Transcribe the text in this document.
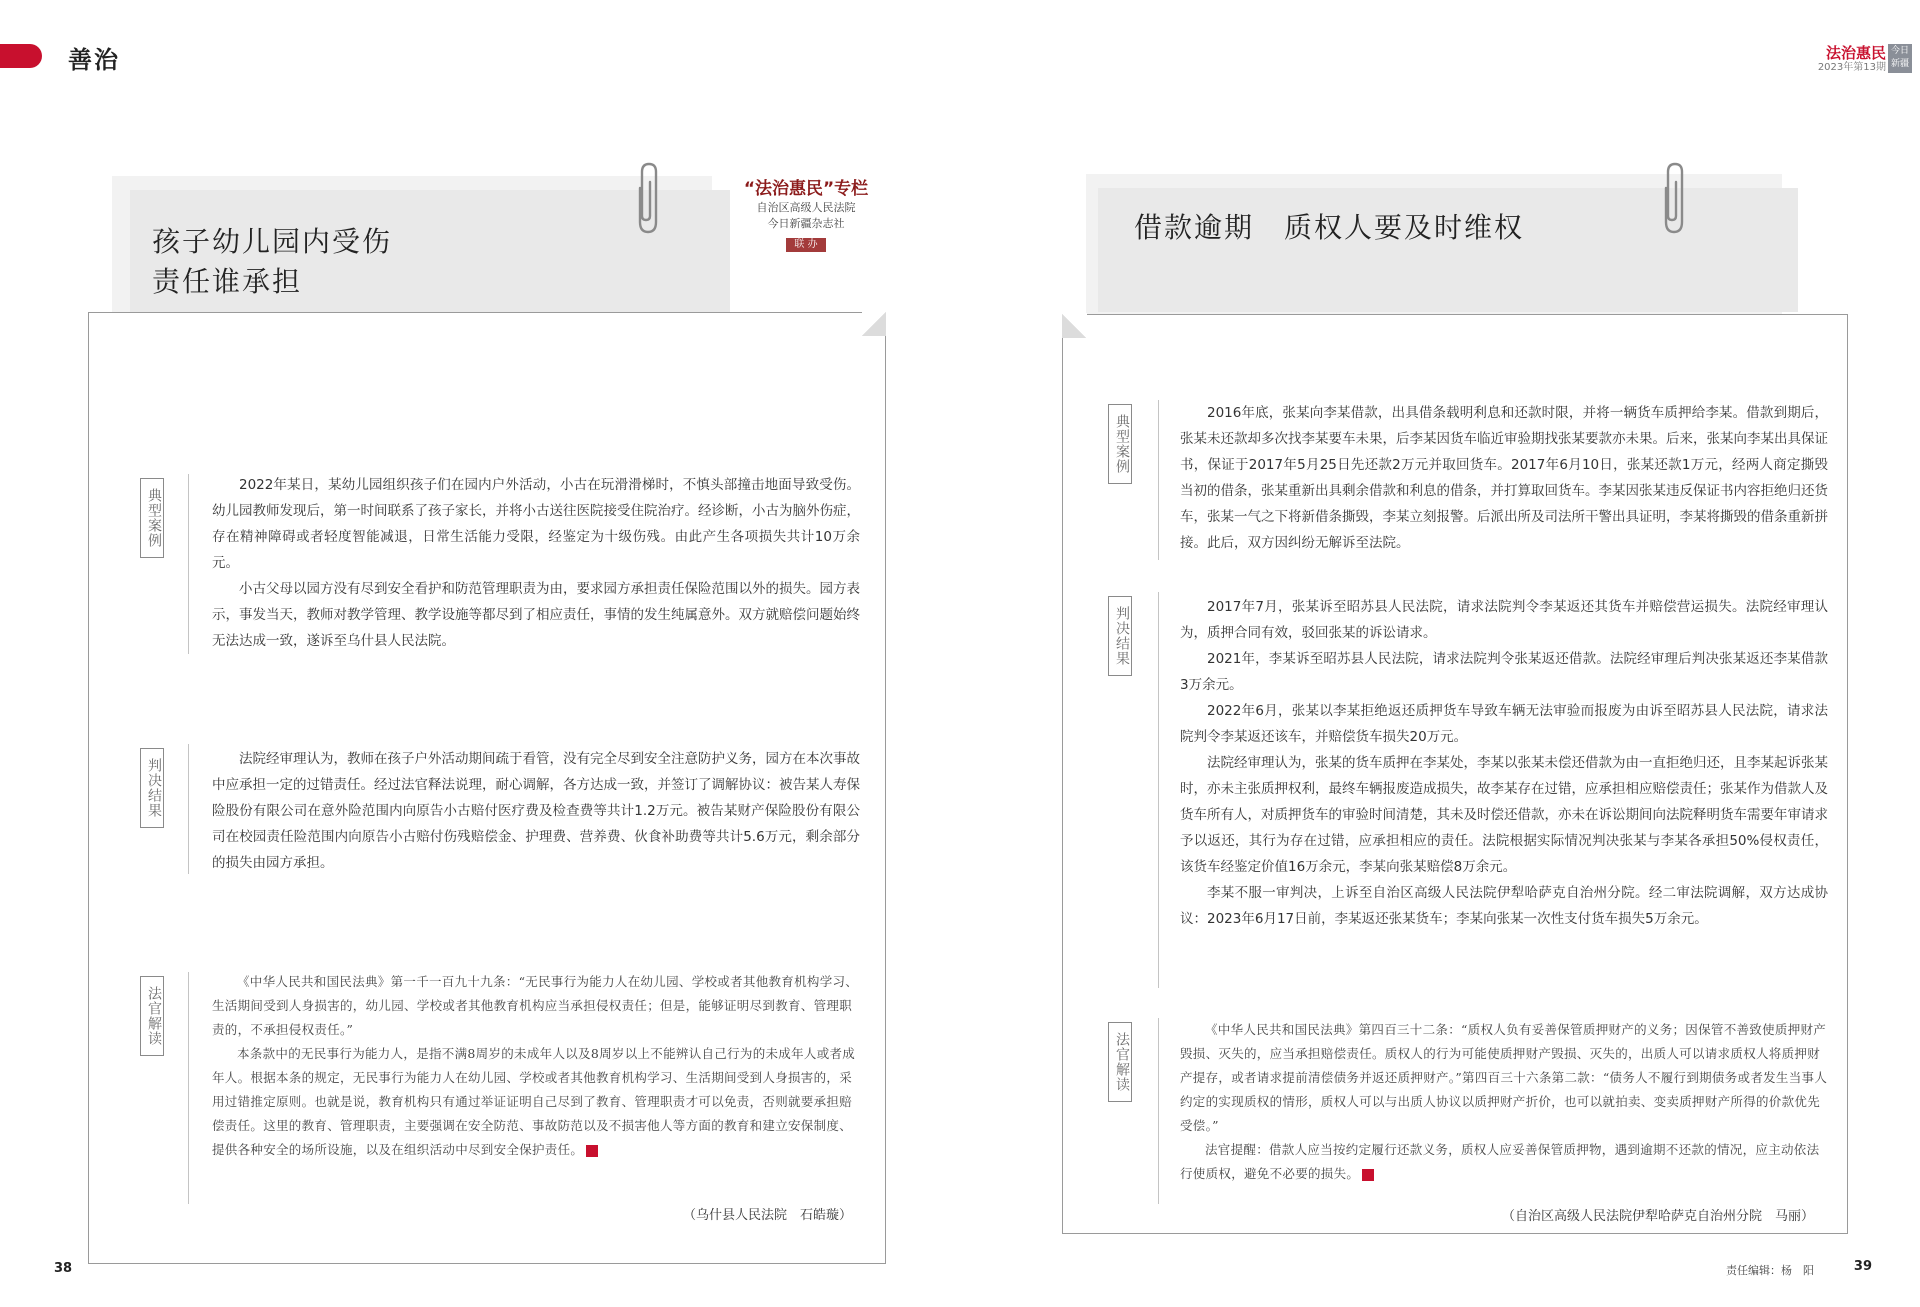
善治	法治惠民
2023年第13期
今日新疆
孩子幼儿园内受伤
责任谁承担
“法治惠民”专栏
自治区高级人民法院
今日新疆杂志社
联 办
典型案例
判决结果
法官解读

2022年某日，某幼儿园组织孩子们在园内户外活动，小古在玩滑滑梯时，不慎头部撞击地面导致受伤。幼儿园教师发现后，第一时间联系了孩子家长，并将小古送往医院接受住院治疗。经诊断，小古为脑外伤症，存在精神障碍或者轻度智能减退，日常生活能力受限，经鉴定为十级伤残。由此产生各项损失共计10万余元。

小古父母以园方没有尽到安全看护和防范管理职责为由，要求园方承担责任保险范围以外的损失。园方表示，事发当天，教师对教学管理、教学设施等都尽到了相应责任，事情的发生纯属意外。双方就赔偿问题始终无法达成一致，遂诉至乌什县人民法院。

法院经审理认为，教师在孩子户外活动期间疏于看管，没有完全尽到安全注意防护义务，园方在本次事故中应承担一定的过错责任。经过法官释法说理，耐心调解，各方达成一致，并签订了调解协议：被告某人寿保险股份有限公司在意外险范围内向原告小古赔付医疗费及检查费等共计1.2万元。被告某财产保险股份有限公司在校园责任险范围内向原告小古赔付伤残赔偿金、护理费、营养费、伙食补助费等共计5.6万元，剩余部分的损失由园方承担。

《中华人民共和国民法典》第一千一百九十九条：“无民事行为能力人在幼儿园、学校或者其他教育机构学习、生活期间受到人身损害的，幼儿园、学校或者其他教育机构应当承担侵权责任；但是，能够证明尽到教育、管理职责的，不承担侵权责任。”

本条款中的无民事行为能力人，是指不满8周岁的未成年人以及8周岁以上不能辨认自己行为的未成年人或者成年人。根据本条的规定，无民事行为能力人在幼儿园、学校或者其他教育机构学习、生活期间受到人身损害的，采用过错推定原则。也就是说，教育机构只有通过举证证明自己尽到了教育、管理职责才可以免责，否则就要承担赔偿责任。这里的教育、管理职责，主要强调在安全防范、事故防范以及不损害他人等方面的教育和建立安保制度、提供各种安全的场所设施，以及在组织活动中尽到安全保护责任。

（乌什县人民法院　石皓璇）
38
借款逾期　质权人要及时维权
典型案例
判决结果
法官解读

2016年底，张某向李某借款，出具借条载明利息和还款时限，并将一辆货车质押给李某。借款到期后，张某未还款却多次找李某要车未果，后李某因货车临近审验期找张某要款亦未果。后来，张某向李某出具保证书，保证于2017年5月25日先还款2万元并取回货车。2017年6月10日，张某还款1万元，经两人商定撕毁当初的借条，张某重新出具剩余借款和利息的借条，并打算取回货车。李某因张某违反保证书内容拒绝归还货车，张某一气之下将新借条撕毁，李某立刻报警。后派出所及司法所干警出具证明，李某将撕毁的借条重新拼接。此后，双方因纠纷无解诉至法院。

2017年7月，张某诉至昭苏县人民法院，请求法院判令李某返还其货车并赔偿营运损失。法院经审理认为，质押合同有效，驳回张某的诉讼请求。

2021年，李某诉至昭苏县人民法院，请求法院判令张某返还借款。法院经审理后判决张某返还李某借款3万余元。

2022年6月，张某以李某拒绝返还质押货车导致车辆无法审验而报废为由诉至昭苏县人民法院，请求法院判令李某返还该车，并赔偿货车损失20万元。

法院经审理认为，张某的货车质押在李某处，李某以张某未偿还借款为由一直拒绝归还，且李某起诉张某时，亦未主张质押权利，最终车辆报废造成损失，故李某存在过错，应承担相应赔偿责任；张某作为借款人及货车所有人，对质押货车的审验时间清楚，其未及时偿还借款，亦未在诉讼期间向法院释明货车需要年审请求予以返还，其行为存在过错，应承担相应的责任。法院根据实际情况判决张某与李某各承担50%侵权责任，该货车经鉴定价值16万余元，李某向张某赔偿8万余元。

李某不服一审判决，上诉至自治区高级人民法院伊犁哈萨克自治州分院。经二审法院调解，双方达成协议：2023年6月17日前，李某返还张某货车；李某向张某一次性支付货车损失5万余元。

《中华人民共和国民法典》第四百三十二条：“质权人负有妥善保管质押财产的义务；因保管不善致使质押财产毁损、灭失的，应当承担赔偿责任。质权人的行为可能使质押财产毁损、灭失的，出质人可以请求质权人将质押财产提存，或者请求提前清偿债务并返还质押财产。”第四百三十六条第二款：“债务人不履行到期债务或者发生当事人约定的实现质权的情形，质权人可以与出质人协议以质押财产折价，也可以就拍卖、变卖质押财产所得的价款优先受偿。”

法官提醒：借款人应当按约定履行还款义务，质权人应妥善保管质押物，遇到逾期不还款的情况，应主动依法行使质权，避免不必要的损失。

（自治区高级人民法院伊犁哈萨克自治州分院　马丽）
责任编辑：杨　阳	39
